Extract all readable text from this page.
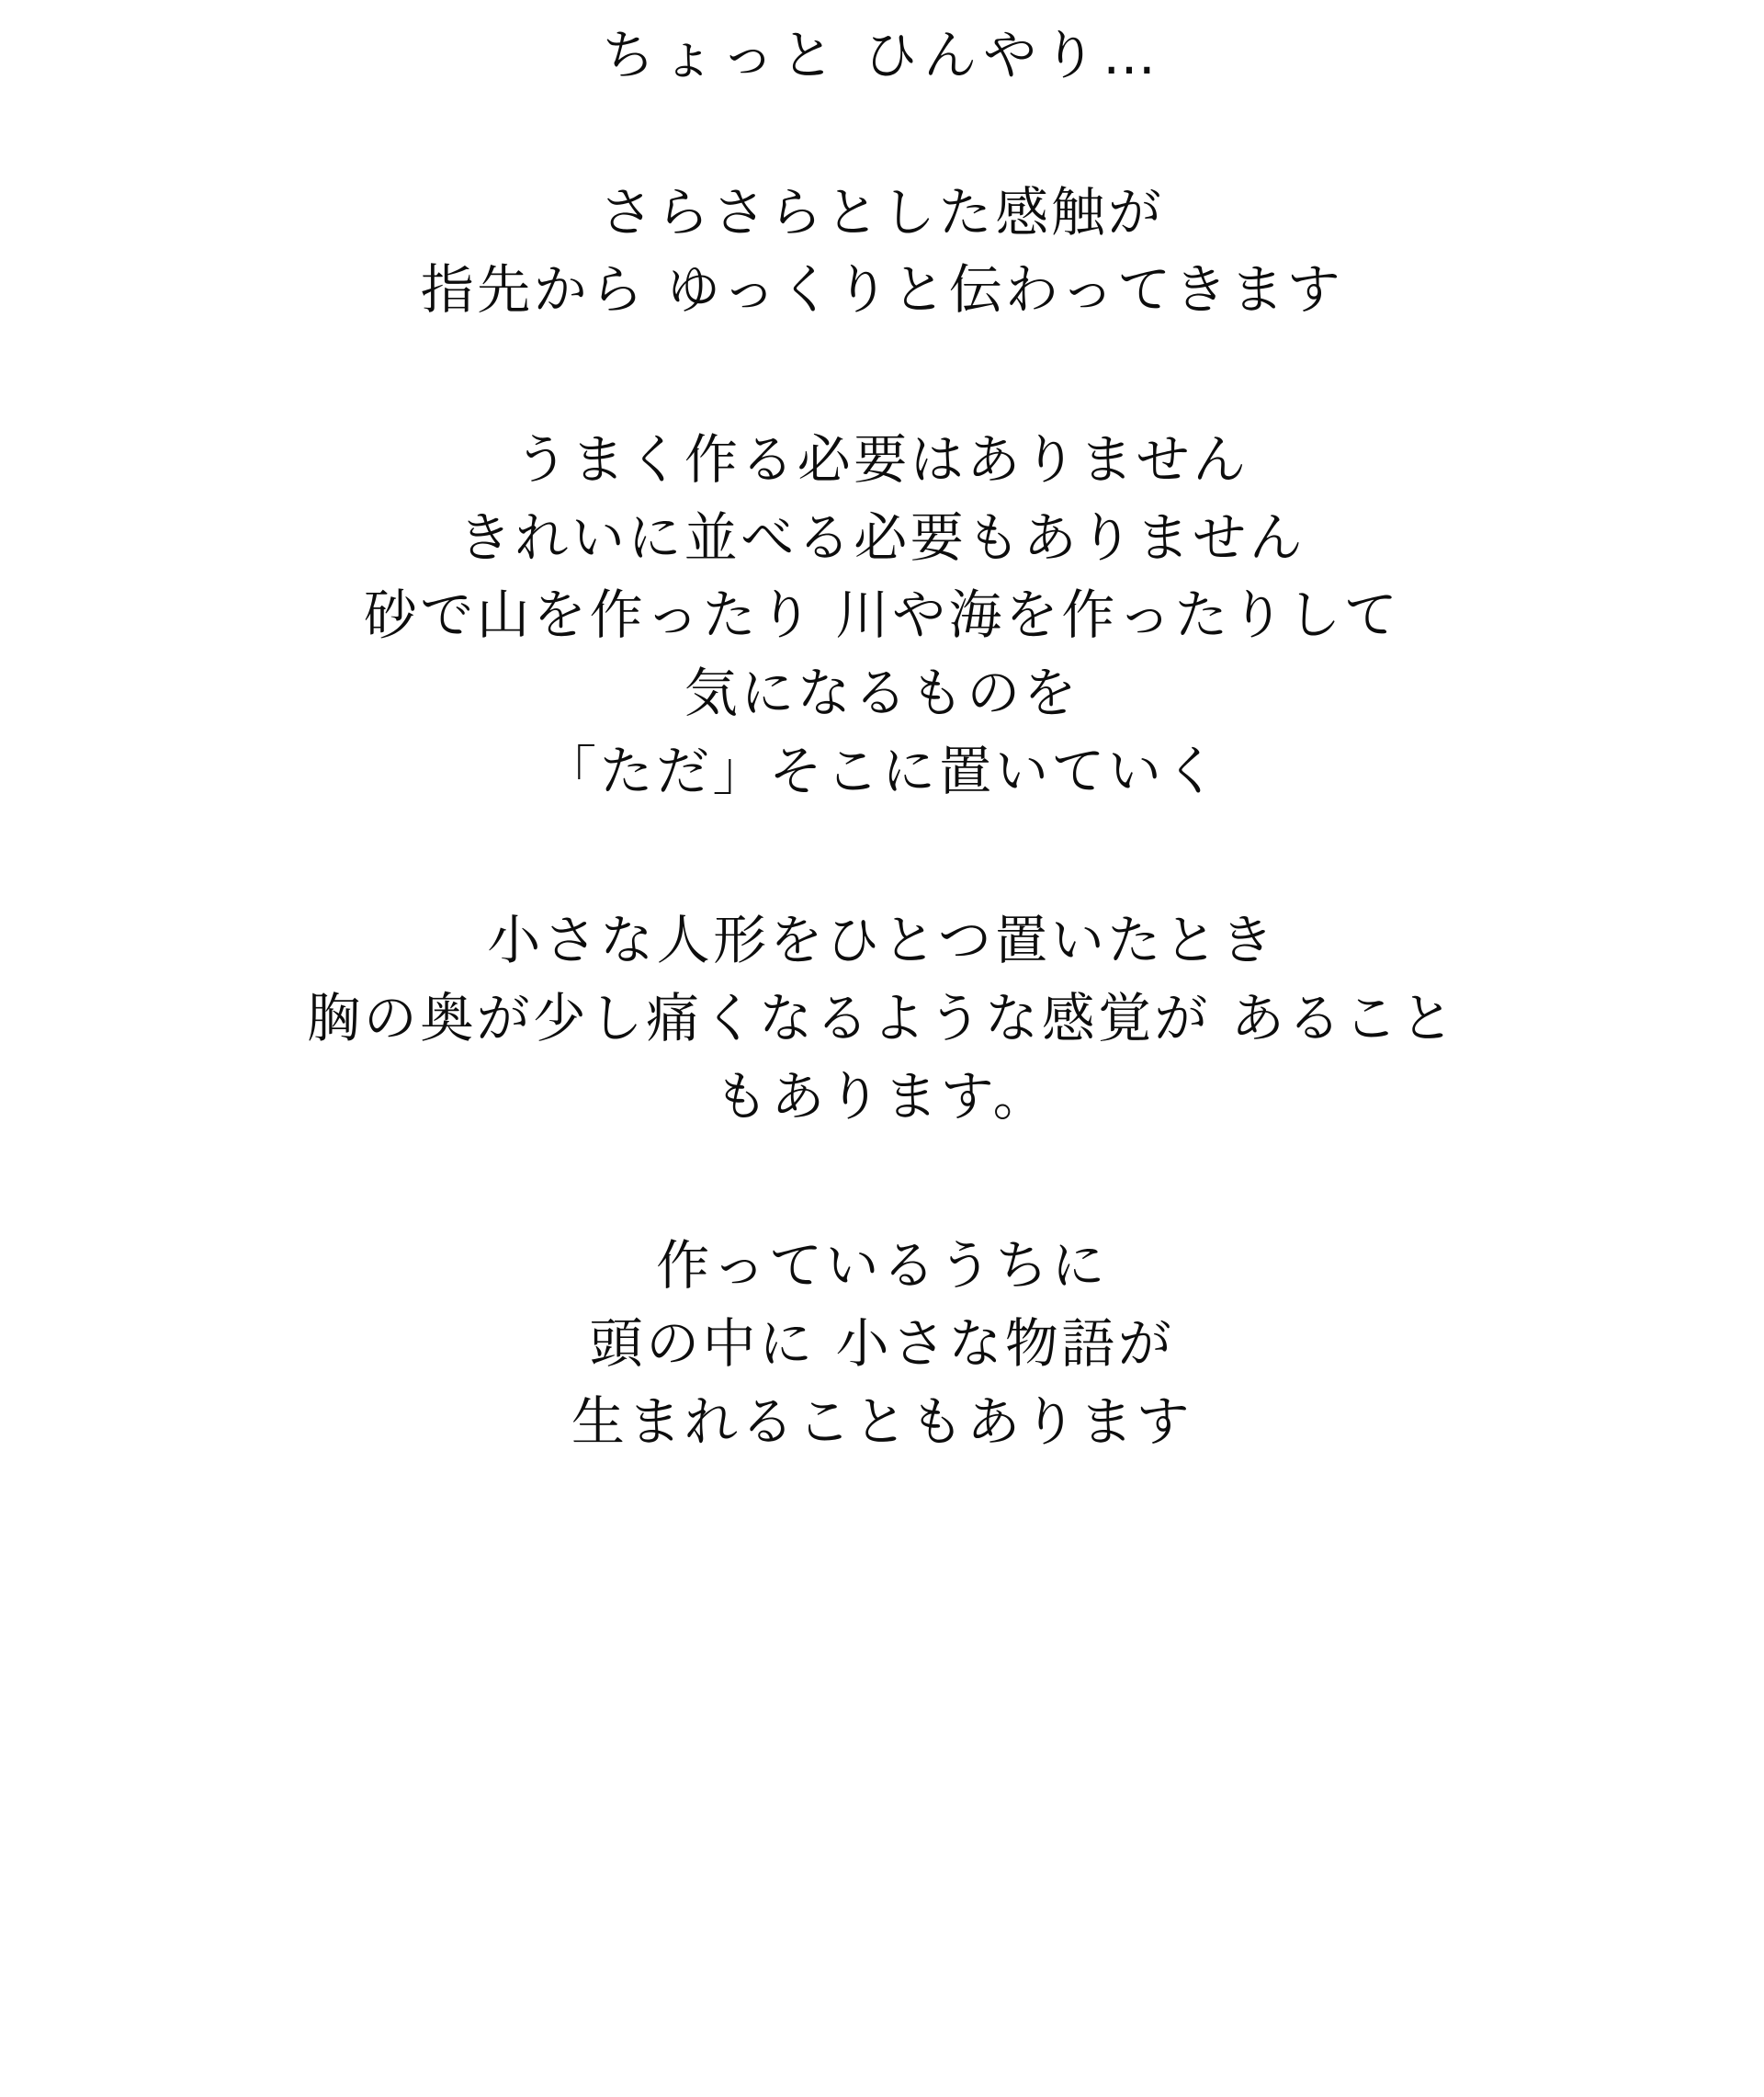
ちょっと ひんやり…
さらさらとした感触が
指先から ゆっくりと伝わってきます
うまく作る必要はありません
きれいに並べる必要もありません
砂で山を作ったり 川や海を作ったりして
気になるものを
「ただ」そこに置いていく
小さな人形をひとつ置いたとき
胸の奥が少し痛くなるような感覚が あること
もあります。
作っているうちに
頭の中に 小さな物語が
生まれることもあります
